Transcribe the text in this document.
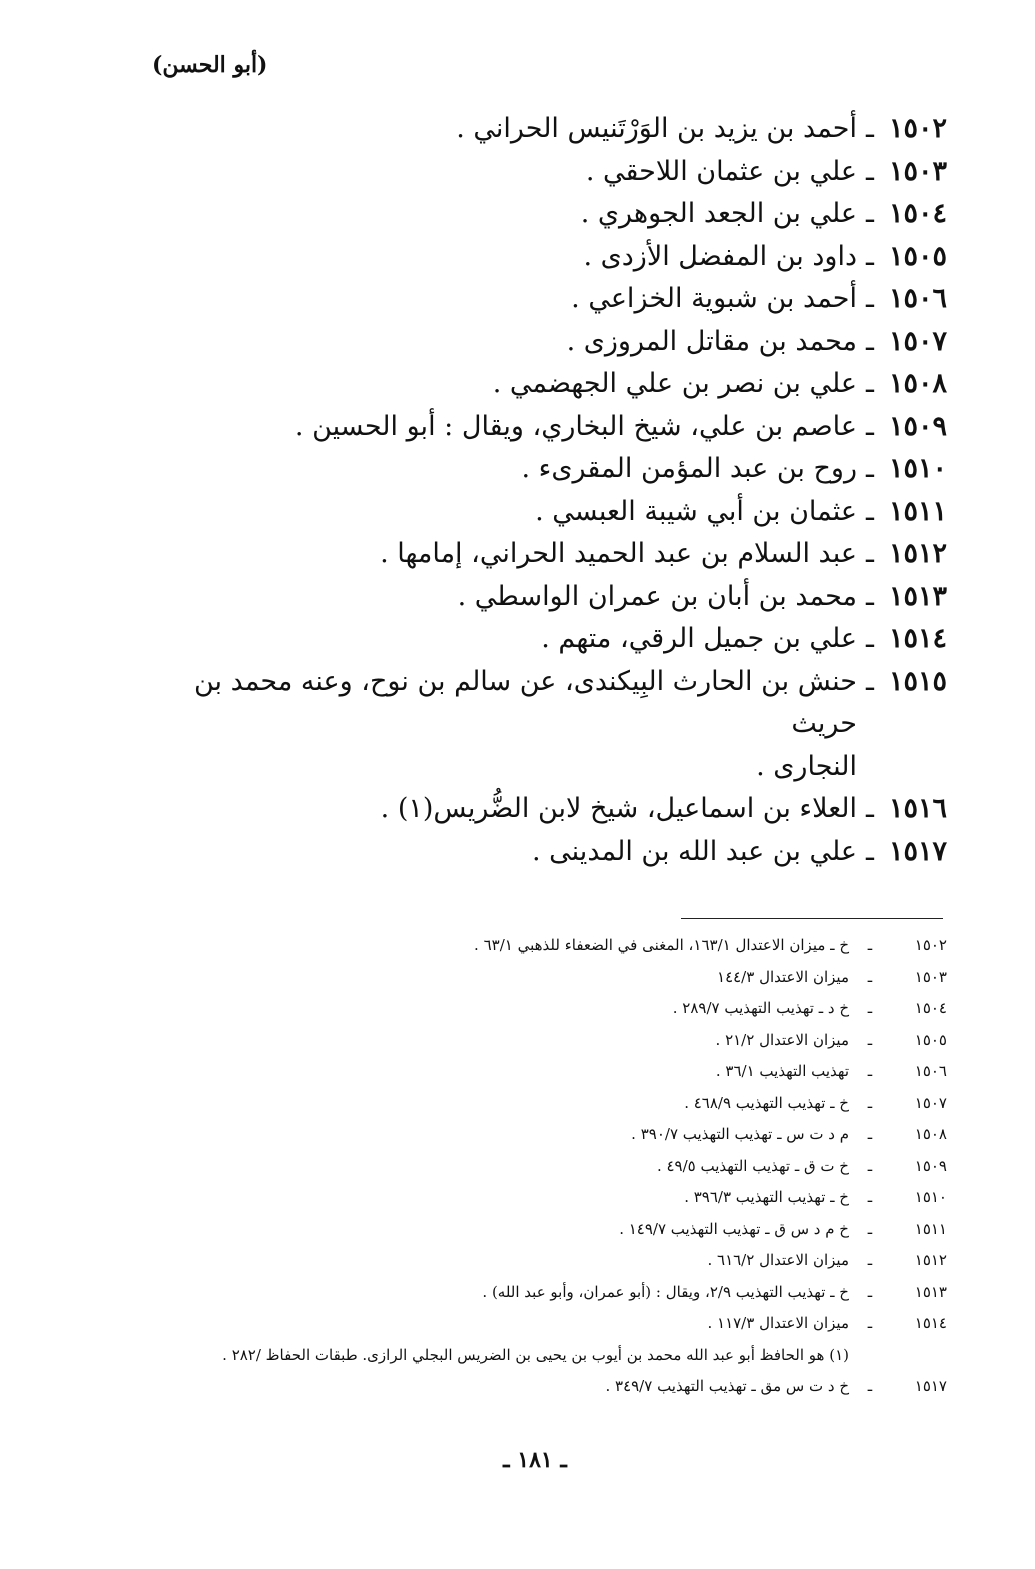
(أبو الحسن)
١٥٠٢
ـ
أحمد بن يزيد بن الوَرْتَنيس الحراني .
١٥٠٣
ـ
علي بن عثمان اللاحقي .
١٥٠٤
ـ
علي بن الجعد الجوهري .
١٥٠٥
ـ
داود بن المفضل الأزدى .
١٥٠٦
ـ
أحمد بن شبوية الخزاعي .
١٥٠٧
ـ
محمد بن مقاتل المروزى .
١٥٠٨
ـ
علي بن نصر بن علي الجهضمي .
١٥٠٩
ـ
عاصم بن علي، شيخ البخاري، ويقال : أبو الحسين .
١٥١٠
ـ
روح بن عبد المؤمن المقرىء .
١٥١١
ـ
عثمان بن أبي شيبة العبسي .
١٥١٢
ـ
عبد السلام بن عبد الحميد الحراني، إمامها .
١٥١٣
ـ
محمد بن أبان بن عمران الواسطي .
١٥١٤
ـ
علي بن جميل الرقي، متهم .
١٥١٥
ـ
حنش بن الحارث البِيكندى، عن سالم بن نوح، وعنه محمد بن حريث
النجارى .
١٥١٦
ـ
العلاء بن اسماعيل، شيخ لابن الضُّريس(١) .
١٥١٧
ـ
علي بن عبد الله بن المدينى .
١٥٠٢
ـ
خ ـ ميزان الاعتدال ١٦٣/١، المغنى في الضعفاء للذهبي ٦٣/١ .
١٥٠٣
ـ
ميزان الاعتدال ١٤٤/٣
١٥٠٤
ـ
خ د ـ تهذيب التهذيب ٢٨٩/٧ .
١٥٠٥
ـ
ميزان الاعتدال ٢١/٢ .
١٥٠٦
ـ
تهذيب التهذيب ٣٦/١ .
١٥٠٧
ـ
خ ـ تهذيب التهذيب ٤٦٨/٩ .
١٥٠٨
ـ
م د ت س ـ تهذيب التهذيب ٣٩٠/٧ .
١٥٠٩
ـ
خ ت ق ـ تهذيب التهذيب ٤٩/٥ .
١٥١٠
ـ
خ ـ تهذيب التهذيب ٣٩٦/٣ .
١٥١١
ـ
خ م د س ق ـ تهذيب التهذيب ١٤٩/٧ .
١٥١٢
ـ
ميزان الاعتدال ٦١٦/٢ .
١٥١٣
ـ
خ ـ تهذيب التهذيب ٢/٩، ويقال : (أبو عمران، وأبو عبد الله) .
١٥١٤
ـ
ميزان الاعتدال ١١٧/٣ .
(١) هو الحافظ أبو عبد الله محمد بن أيوب بن يحيى بن الضريس البجلي الرازى. طبقات الحفاظ /٢٨٢ .
١٥١٧
ـ
خ د ت س مق ـ تهذيب التهذيب ٣٤٩/٧ .
ـ ١٨١ ـ
